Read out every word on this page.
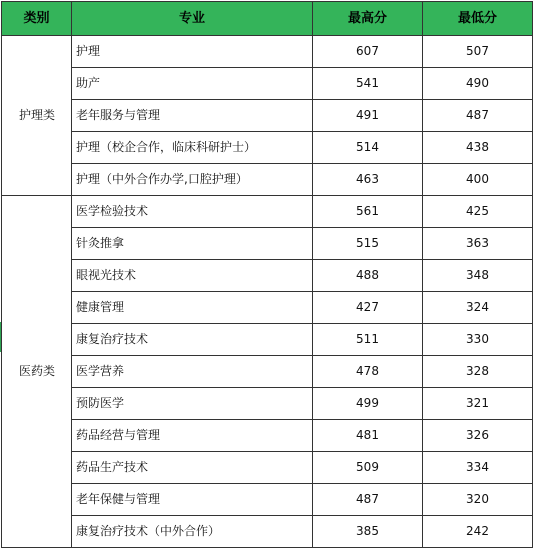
类别	专业	最高分	最低分
护理类	护理	607	507
	助产	541	490
	老年服务与管理	491	487
	护理（校企合作，临床科研护士）	514	438
	护理（中外合作办学,口腔护理）	463	400
医药类	医学检验技术	561	425
	针灸推拿	515	363
	眼视光技术	488	348
	健康管理	427	324
	康复治疗技术	511	330
	医学营养	478	328
	预防医学	499	321
	药品经营与管理	481	326
	药品生产技术	509	334
	老年保健与管理	487	320
	康复治疗技术（中外合作）	385	242
